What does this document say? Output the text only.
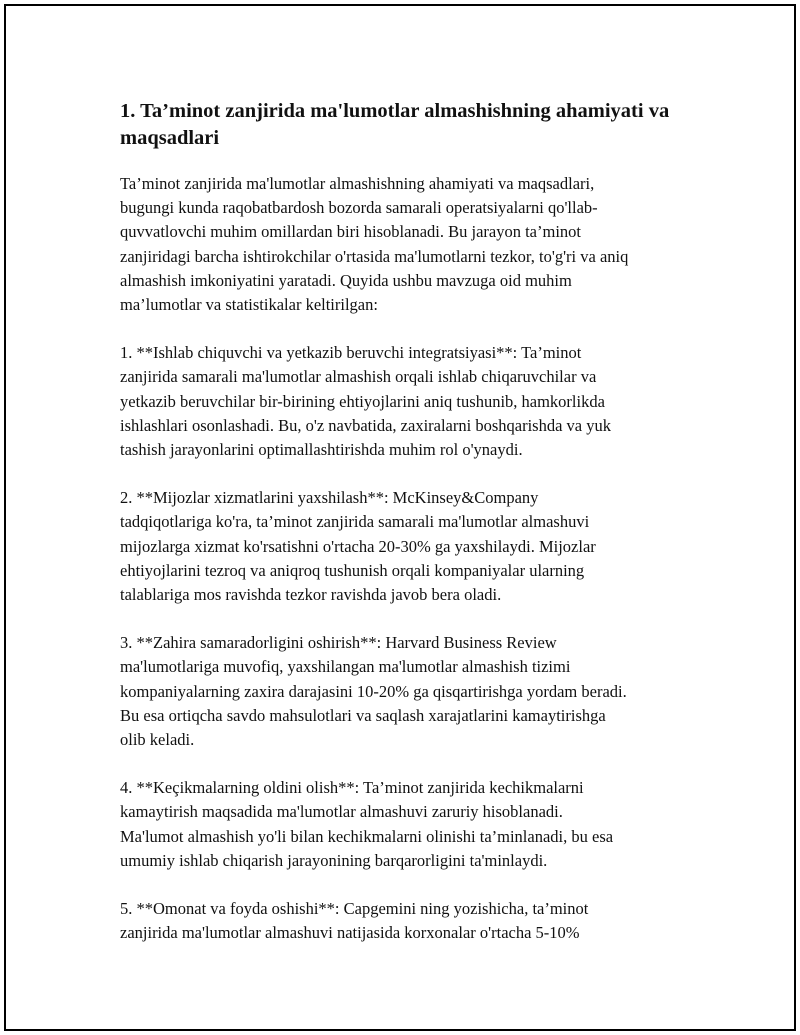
1. Ta’minot zanjirida ma'lumotlar almashishning ahamiyati va maqsadlari

Ta’minot zanjirida ma'lumotlar almashishning ahamiyati va maqsadlari,
bugungi kunda raqobatbardosh bozorda samarali operatsiyalarni qo'llab-
quvvatlovchi muhim omillardan biri hisoblanadi. Bu jarayon ta’minot
zanjiridagi barcha ishtirokchilar o'rtasida ma'lumotlarni tezkor, to'g'ri va aniq
almashish imkoniyatini yaratadi. Quyida ushbu mavzuga oid muhim
ma’lumotlar va statistikalar keltirilgan:

1. **Ishlab chiquvchi va yetkazib beruvchi integratsiyasi**: Ta’minot
zanjirida samarali ma'lumotlar almashish orqali ishlab chiqaruvchilar va
yetkazib beruvchilar bir-birining ehtiyojlarini aniq tushunib, hamkorlikda
ishlashlari osonlashadi. Bu, o'z navbatida, zaxiralarni boshqarishda va yuk
tashish jarayonlarini optimallashtirishda muhim rol o'ynaydi.

2. **Mijozlar xizmatlarini yaxshilash**: McKinsey&Company
tadqiqotlariga ko'ra, ta’minot zanjirida samarali ma'lumotlar almashuvi
mijozlarga xizmat ko'rsatishni o'rtacha 20-30% ga yaxshilaydi. Mijozlar
ehtiyojlarini tezroq va aniqroq tushunish orqali kompaniyalar ularning
talablariga mos ravishda tezkor ravishda javob bera oladi.

3. **Zahira samaradorligini oshirish**: Harvard Business Review
ma'lumotlariga muvofiq, yaxshilangan ma'lumotlar almashish tizimi
kompaniyalarning zaxira darajasini 10-20% ga qisqartirishga yordam beradi.
Bu esa ortiqcha savdo mahsulotlari va saqlash xarajatlarini kamaytirishga
olib keladi.

4. **Keçikmalarning oldini olish**: Ta’minot zanjirida kechikmalarni
kamaytirish maqsadida ma'lumotlar almashuvi zaruriy hisoblanadi.
Ma'lumot almashish yo'li bilan kechikmalarni olinishi ta’minlanadi, bu esa
umumiy ishlab chiqarish jarayonining barqarorligini ta'minlaydi.

5. **Omonat va foyda oshishi**: Capgemini ning yozishicha, ta’minot
zanjirida ma'lumotlar almashuvi natijasida korxonalar o'rtacha 5-10%
